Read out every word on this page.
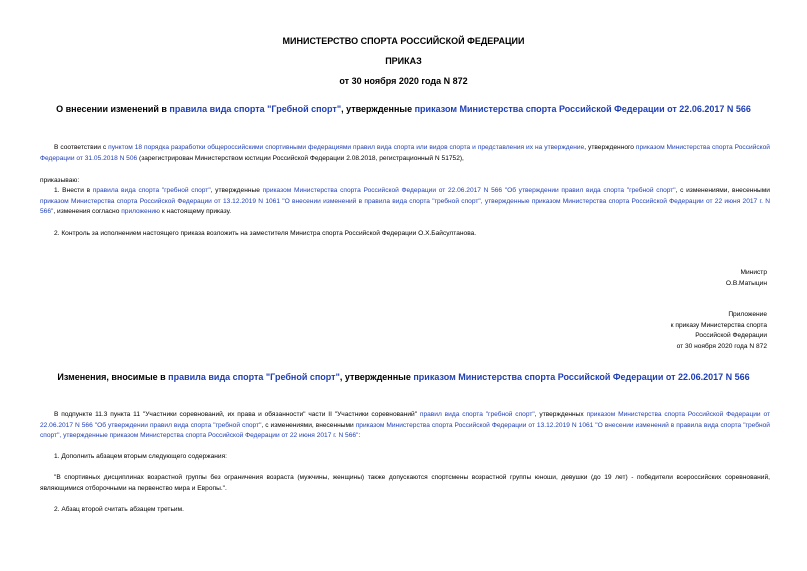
МИНИСТЕРСТВО СПОРТА РОССИЙСКОЙ ФЕДЕРАЦИИ
ПРИКАЗ
от 30 ноября 2020 года N 872
О внесении изменений в правила вида спорта "Гребной спорт", утвержденные приказом Министерства спорта Российской Федерации от 22.06.2017 N 566
В соответствии с пунктом 18 порядка разработки общероссийскими спортивными федерациями правил вида спорта или видов спорта и представления их на утверждение, утвержденного приказом Министерства спорта Российской Федерации от 31.05.2018 N 506 (зарегистрирован Министерством юстиции Российской Федерации 2.08.2018, регистрационный N 51752),
приказываю:
1. Внести в правила вида спорта "гребной спорт", утвержденные приказом Министерства спорта Российской Федерации от 22.06.2017 N 566 "Об утверждении правил вида спорта "гребной спорт", с изменениями, внесенными приказом Министерства спорта Российской Федерации от 13.12.2019 N 1061 "О внесении изменений в правила вида спорта "гребной спорт", утвержденные приказом Министерства спорта Российской Федерации от 22 июня 2017 г. N 566", изменения согласно приложению к настоящему приказу.
2. Контроль за исполнением настоящего приказа возложить на заместителя Министра спорта Российской Федерации О.Х.Байсултанова.
Министр
О.В.Матыцин
Приложение
к приказу Министерства спорта
Российской Федерации
от 30 ноября 2020 года N 872
Изменения, вносимые в правила вида спорта "Гребной спорт", утвержденные приказом Министерства спорта Российской Федерации от 22.06.2017 N 566
В подпункте 11.3 пункта 11 "Участники соревнований, их права и обязанности" части II "Участники соревнований" правил вида спорта "гребной спорт", утвержденных приказом Министерства спорта Российской Федерации от 22.06.2017 N 566 "Об утверждении правил вида спорта "гребной спорт", с изменениями, внесенными приказом Министерства спорта Российской Федерации от 13.12.2019 N 1061 "О внесении изменений в правила вида спорта "гребной спорт", утвержденные приказом Министерства спорта Российской Федерации от 22 июня 2017 г. N 566":
1. Дополнить абзацем вторым следующего содержания:
"В спортивных дисциплинах возрастной группы без ограничения возраста (мужчины, женщины) также допускаются спортсмены возрастной группы юноши, девушки (до 19 лет) - победители всероссийских соревнований, являющимися отборочными на первенство мира и Европы.".
2. Абзац второй считать абзацем третьим.
